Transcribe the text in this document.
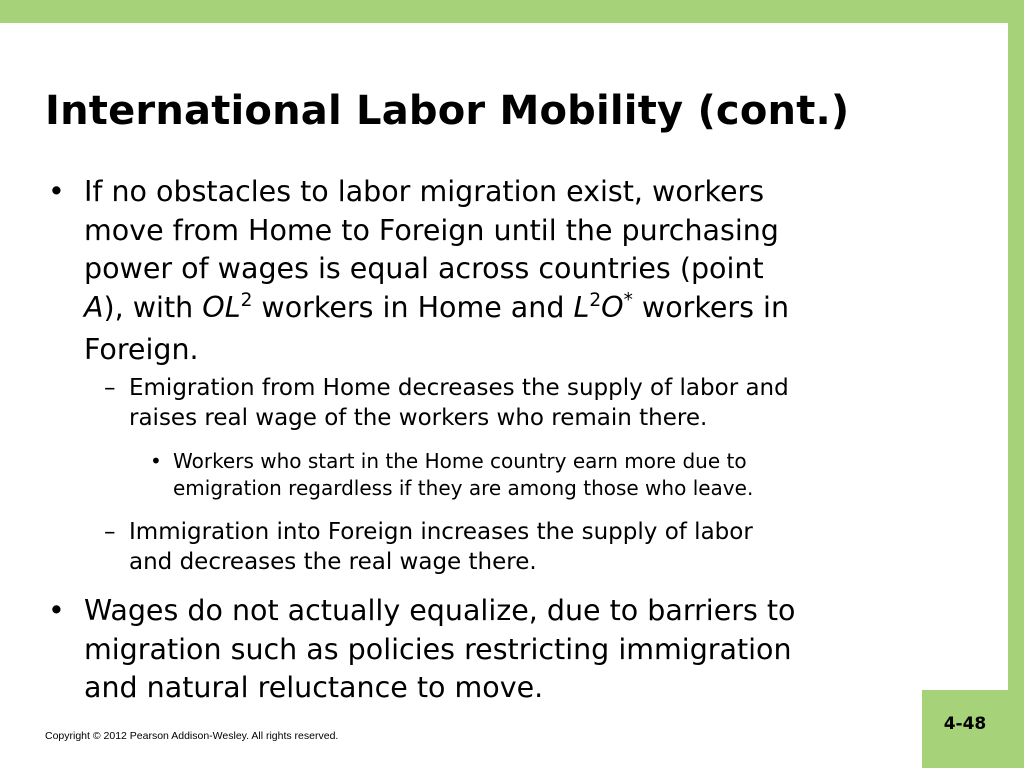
International Labor Mobility (cont.)
• If no obstacles to labor migration exist, workers
move from Home to Foreign until the purchasing
power of wages is equal across countries (point
A), with $OL^2$ workers in Home and $L^2O^*$ workers in
Foreign.
– Emigration from Home decreases the supply of labor and
raises real wage of the workers who remain there.
• Workers who start in the Home country earn more due to
emigration regardless if they are among those who leave.
– Immigration into Foreign increases the supply of labor
and decreases the real wage there.
• Wages do not actually equalize, due to barriers to
migration such as policies restricting immigration
and natural reluctance to move.
Copyright © 2012 Pearson Addison-Wesley. All rights reserved.
4-48
